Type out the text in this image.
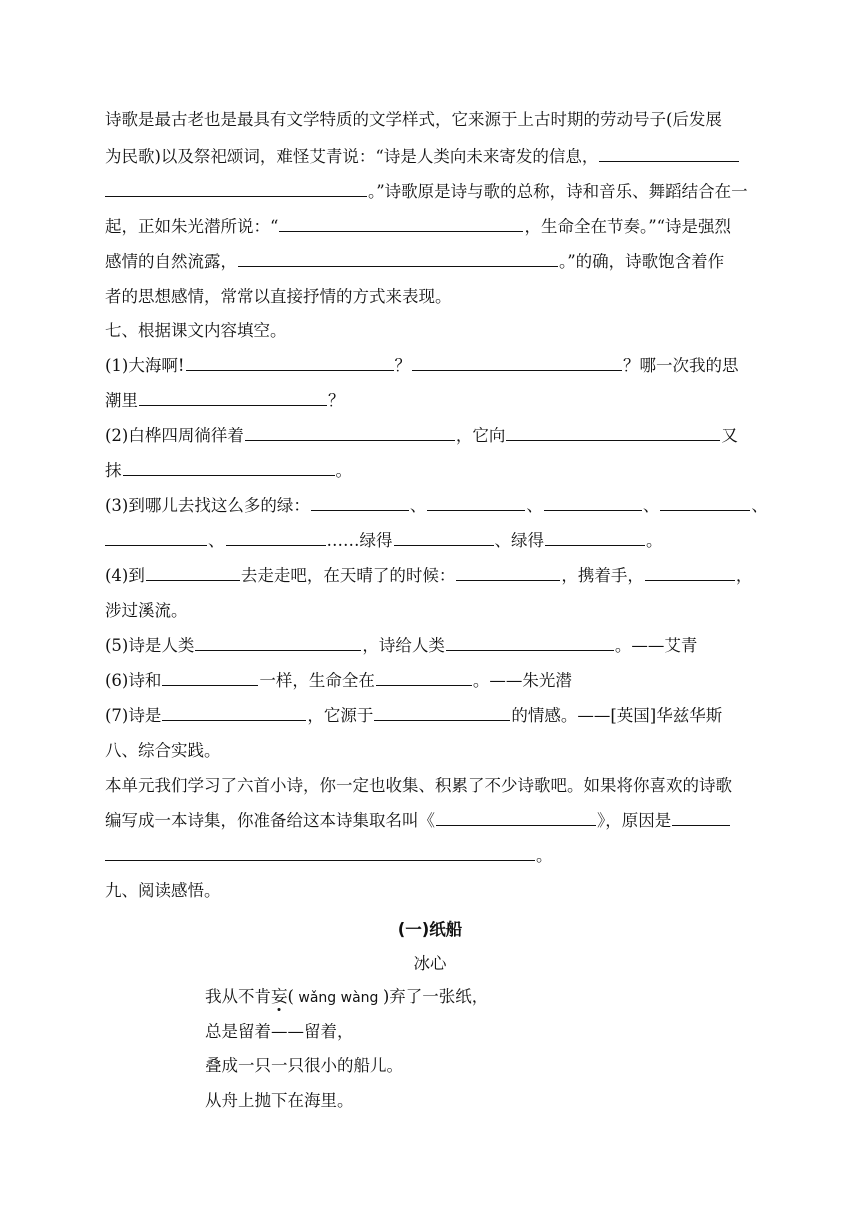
诗歌是最古老也是最具有文学特质的文学样式，它来源于上古时期的劳动号子(后发展
为民歌)以及祭祀颂词，难怪艾青说：“诗是人类向未来寄发的信息，
。”诗歌原是诗与歌的总称，诗和音乐、舞蹈结合在一
起，正如朱光潜所说：“	，生命全在节奏。”“诗是强烈
感情的自然流露，	。”的确，诗歌饱含着作
者的思想感情，常常以直接抒情的方式来表现。
七、根据课文内容填空。
(1)大海啊!	？	？哪一次我的思
潮里	？
(2)白桦四周徜徉着	，它向	又
抹	。
(3)到哪儿去找这么多的绿：	、	、	、	、
、	……绿得	、绿得	。
(4)到	去走走吧，在天晴了的时候：	，携着手，	，
涉过溪流。
(5)诗是人类	，诗给人类	。——艾青
(6)诗和	一样，生命全在	。——朱光潜
(7)诗是	，它源于	的情感。——[英国]华兹华斯
八、综合实践。
本单元我们学习了六首小诗，你一定也收集、积累了不少诗歌吧。如果将你喜欢的诗歌
编写成一本诗集，你准备给这本诗集取名叫《	》，原因是
。
九、阅读感悟。
(一)纸船
冰心
我从不肯妄( wǎng wàng )弃了一张纸，
总是留着——留着，
叠成一只一只很小的船儿。
从舟上抛下在海里。
